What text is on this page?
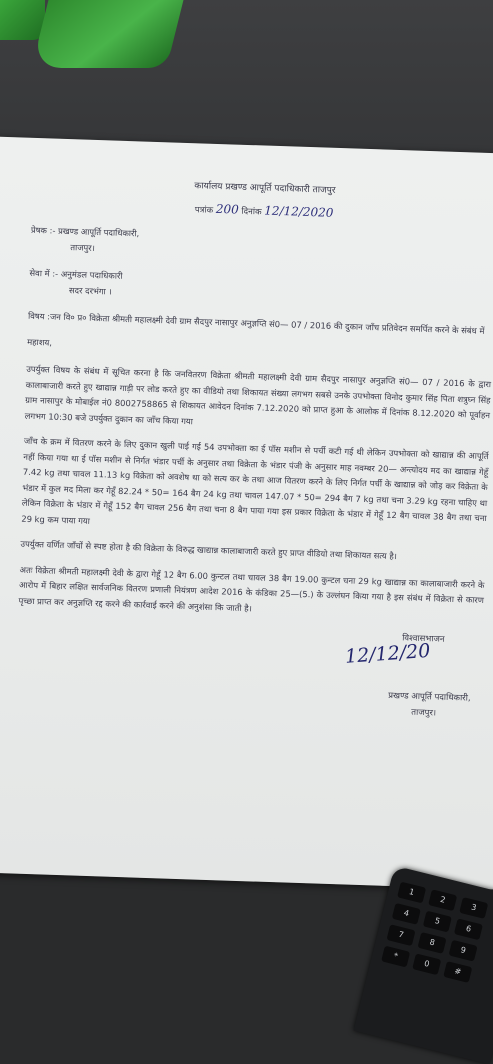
कार्यालय प्रखण्ड आपूर्ति पदाधिकारी ताजपुर
पत्रांक 200 दिनांक 12/12/2020
प्रेषक :- प्रखण्ड आपूर्ति पदाधिकारी,
ताजपुर।
सेवा में :- अनुमंडल पदाधिकारी
सदर दरभंगा ।
विषय :जन वि० प्र० विक्रेता श्रीमती महालक्ष्मी देवी ग्राम सैदपुर नासापुर अनुज्ञप्ति सं0— 07 / 2016 की दुकान जाँच प्रतिवेदन समर्पित करने के संबंध में
महाशय,
उपर्युक्त विषय के संबंध में सूचित करना है कि जनवितरण विक्रेता श्रीमती महालक्ष्मी देवी ग्राम सैदपुर नासापुर अनुज्ञप्ति सं0— 07 / 2016 के द्वारा कालाबाजारी करते हुए खाद्यान्न गाड़ी पर लोड करते हुए का वीडियो तथा शिकायत संख्या लगभग सबसे उनके उपभोक्ता विनोद कुमार सिंह पिता शत्रुघ्न सिंह ग्राम नासापुर के मोबाईल नं0 8002758865 से शिकायत आवेदन दिनांक 7.12.2020 को प्राप्त हुआ के आलोक में दिनांक 8.12.2020 को पूर्वाहन लगभग 10:30 बजे उपर्युक्त दुकान का जाँच किया गया
जाँच के क्रम में वितरण करने के लिए दुकान खुली पाई गई 54 उपभोक्ता का ई पॉस मशीन से पर्ची कटी गई थी लेकिन उपभोक्ता को खाद्यान्न की आपूर्ति नहीं किया गया था ई पॉस मशीन से निर्गत भंडार पर्ची के अनुसार तथा विक्रेता के भंडार पंजी के अनुसार माह नवम्बर 20— अन्त्योदय मद का खाद्यान्न गेहूँ 7.42 kg तथा चावल 11.13 kg विक्रेता को अवशेष था को सत्य कर के तथा आज वितरण करने के लिए निर्गत पर्ची के खाद्यान्न को जोड़ कर विक्रेता के भंडार में कुल मद मिला कर गेहूँ 82.24 * 50= 164 बैग 24 kg तथा चावल 147.07 * 50= 294 बैग 7 kg तथा चना 3.29 kg रहना चाहिए था लेकिन विक्रेता के भंडार में गेहूँ 152 बैग चावल 256 बैग तथा चना 8 बैग पाया गया इस प्रकार विक्रेता के भंडार में गेहूँ 12 बैग चावल 38 बैग तथा चना 29 kg कम पाया गया
उपर्युक्त वर्णित जाँचों से स्पष्ट होता है की विक्रेता के विरुद्ध खाद्यान्न कालाबाजारी करते हुए प्राप्त वीडियो तथा शिकायत सत्य है।
अतः विक्रेता श्रीमती महालक्ष्मी देवी के द्वारा गेहूँ 12 बैग 6.00 कुन्टल तथा चावल 38 बैग 19.00 कुन्टल चना 29 kg खाद्यान्न का कालाबाजारी करने के आरोप में बिहार लक्षित सार्वजनिक वितरण प्रणाली नियंत्रण आदेश 2016 के कंडिका 25—(5.) के उल्लंघन किया गया है इस संबंध में विक्रेता से कारण पृच्छा प्राप्त कर अनुज्ञप्ति रद्द करने की कार्रवाई करने की अनुशंसा कि जाती है।
विश्वासभाजन
12/12/20
प्रखण्ड आपूर्ति पदाधिकारी,
ताजपुर।
1
2
3
4
5
6
7
8
9
*
0
#
